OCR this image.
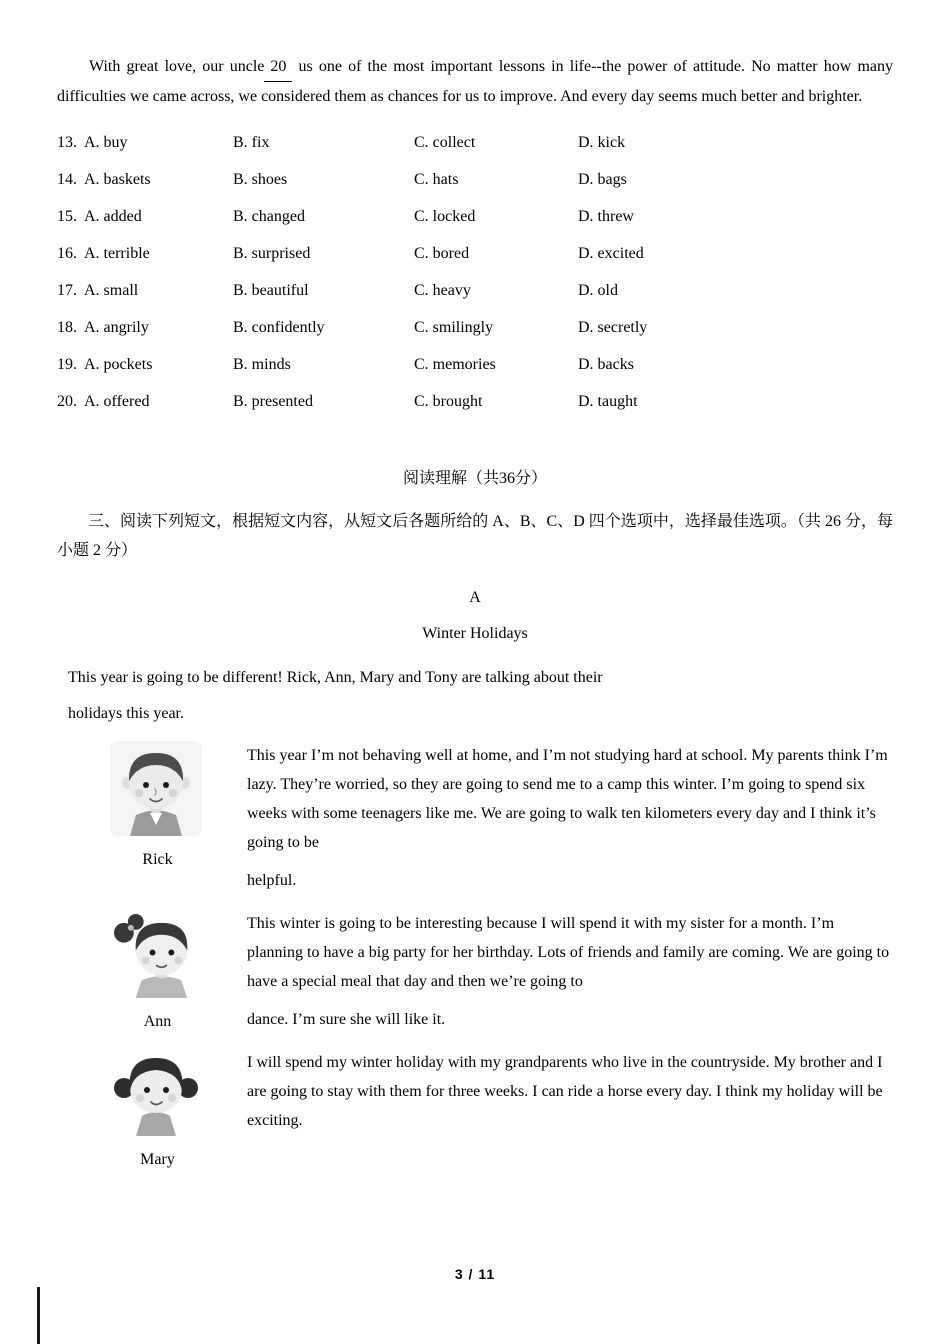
With great love, our uncle 20 us one of the most important lessons in life--the power of attitude. No matter how many difficulties we came across, we considered them as chances for us to improve. And every day seems much better and brighter.

13. A. buy	B. fix	C. collect	D. kick
14. A. baskets	B. shoes	C. hats	D. bags
15. A. added	B. changed	C. locked	D. threw
16. A. terrible	B. surprised	C. bored	D. excited
17. A. small	B. beautiful	C. heavy	D. old
18. A. angrily	B. confidently	C. smilingly	D. secretly
19. A. pockets	B. minds	C. memories	D. backs
20. A. offered	B. presented	C. brought	D. taught
阅读理解（共36分）

三、阅读下列短文，根据短文内容，从短文后各题所给的 A、B、C、D 四个选项中，选择最佳选项。（共 26 分，每小题 2 分）

A
Winter Holidays

This year is going to be different! Rick, Ann, Mary and Tony are talking about their holidays this year.

Rick

This year I’m not behaving well at home, and I’m not studying hard at school. My parents think I’m lazy. They’re worried, so they are going to send me to a camp this winter. I’m going to spend six weeks with some teenagers like me. We are going to walk ten kilometers every day and I think it’s going to be

helpful.

Ann

This winter is going to be interesting because I will spend it with my sister for a month. I’m planning to have a big party for her birthday. Lots of friends and family are coming. We are going to have a special meal that day and then we’re going to

dance. I’m sure she will like it.

Mary

I will spend my winter holiday with my grandparents who live in the countryside. My brother and I are going to stay with them for three weeks. I can ride a horse every day. I think my holiday will be exciting.

3 / 11
